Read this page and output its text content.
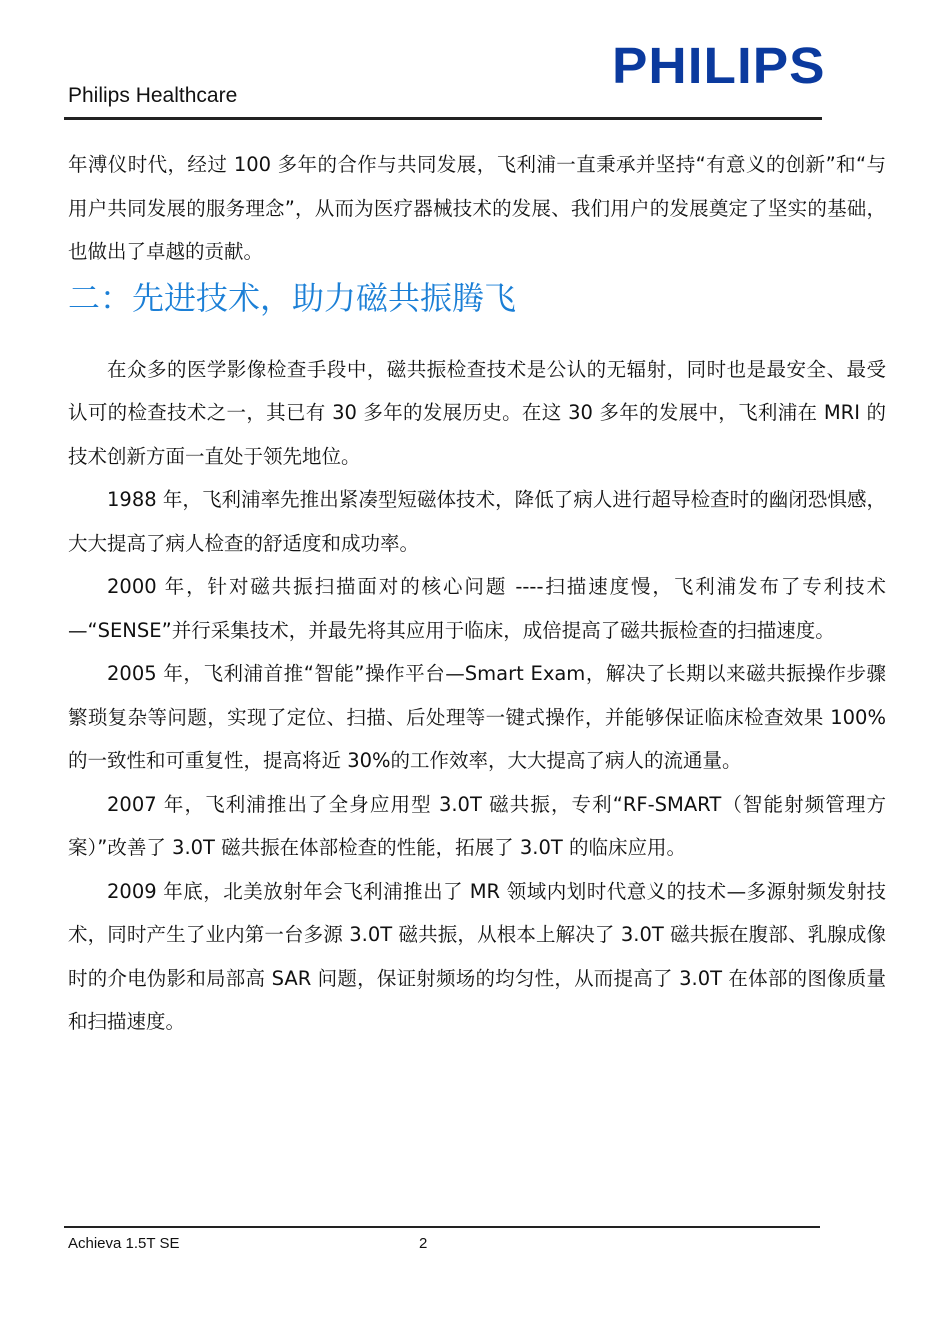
Philips Healthcare
PHILIPS

年溥仪时代，经过 100 多年的合作与共同发展，飞利浦一直秉承并坚持“有意义的创新”和“与用户共同发展的服务理念”，从而为医疗器械技术的发展、我们用户的发展奠定了坚实的基础，也做出了卓越的贡献。

二：先进技术，助力磁共振腾飞

在众多的医学影像检查手段中，磁共振检查技术是公认的无辐射，同时也是最安全、最受认可的检查技术之一，其已有 30 多年的发展历史。在这 30 多年的发展中，飞利浦在 MRI 的技术创新方面一直处于领先地位。

1988 年，飞利浦率先推出紧凑型短磁体技术，降低了病人进行超导检查时的幽闭恐惧感，大大提高了病人检查的舒适度和成功率。

2000 年，针对磁共振扫描面对的核心问题 ----扫描速度慢，飞利浦发布了专利技术—“SENSE”并行采集技术，并最先将其应用于临床，成倍提高了磁共振检查的扫描速度。

2005 年，飞利浦首推“智能”操作平台—Smart Exam，解决了长期以来磁共振操作步骤繁琐复杂等问题，实现了定位、扫描、后处理等一键式操作，并能够保证临床检查效果 100%的一致性和可重复性，提高将近 30%的工作效率，大大提高了病人的流通量。

2007 年，飞利浦推出了全身应用型 3.0T 磁共振，专利“RF-SMART（智能射频管理方案）”改善了 3.0T 磁共振在体部检查的性能，拓展了 3.0T 的临床应用。

2009 年底，北美放射年会飞利浦推出了 MR 领域内划时代意义的技术—多源射频发射技术，同时产生了业内第一台多源 3.0T 磁共振，从根本上解决了 3.0T 磁共振在腹部、乳腺成像时的介电伪影和局部高 SAR 问题，保证射频场的均匀性，从而提高了 3.0T 在体部的图像质量和扫描速度。

Achieva 1.5T SE	2
